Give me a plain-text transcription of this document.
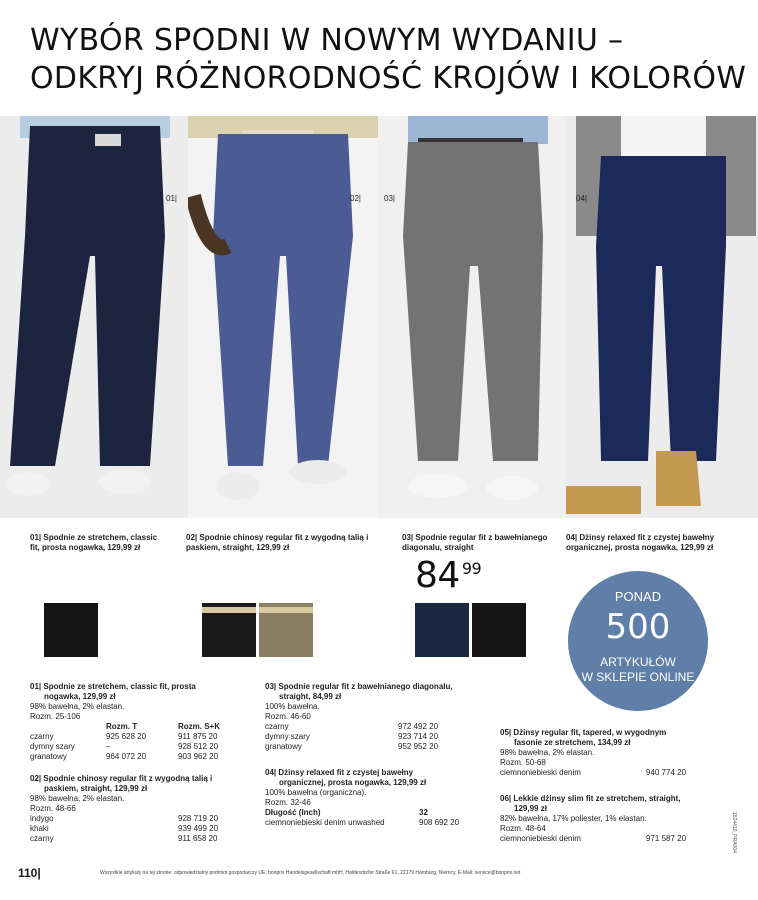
WYBÓR SPODNI W NOWYM WYDANIU –
ODKRYJ RÓŻNORODNOŚĆ KROJÓW I KOLORÓW
01|	02|	03|	04|
01| Spodnie ze stretchem, classic fit, prosta nogawka, 129,99 zł
02| Spodnie chinosy regular fit z wygodną talią i paskiem, straight, 129,99 zł
03| Spodnie regular fit z bawełnianego diagonalu, straight
04| Dżinsy relaxed fit z czystej bawełny organicznej, prosta nogawka, 129,99 zł
84 $^{99}$
PONAD
500
ARTYKUŁÓW
W SKLEPIE ONLINE
01| Spodnie ze stretchem, classic fit, prosta
nogawka, 129,99 zł
98% bawełna, 2% elastan.
Rozm. 25-106
Rozm. T	Rozm. S+K
czarny	925 628 20	911 875 20
dymny szary	–	928 512 20
granatowy	964 072 20	903 962 20
02| Spodnie chinosy regular fit z wygodną talią i
paskiem, straight, 129,99 zł
98% bawełna, 2% elastan.
Rozm. 48-66
indygo	928 719 20
khaki	939 499 20
czarny	911 658 20
03| Spodnie regular fit z bawełnianego diagonalu,
straight, 84,99 zł
100% bawełna.
Rozm. 46-60
czarny	972 492 20
dymny szary	923 714 20
granatowy	952 952 20
04| Dżinsy relaxed fit z czystej bawełny
organicznej, prosta nogawka, 129,99 zł
100% bawełna (organiczna).
Rozm. 32-46
Długość (Inch)	32
ciemnoniebieski denim unwashed	908 692 20
05| Dżinsy regular fit, tapered, w wygodnym
fasonie ze stretchem, 134,99 zł
98% bawełna, 2% elastan.
Rozm. 50-68
ciemnoniebieski denim	940 774 20
06| Lekkie dżinsy slim fit ze stretchem, straight,
129,99 zł
82% bawełna, 17% poliester, 1% elastan.
Rozm. 48-64
ciemnoniebieski denim	971 587 20
110|	Wszystkie artykuły na tej stronie: odpowiedzialny podmiot gospodarczy UE: bonprix Handelsgesellschaft mbH, Haldesdorfer Straße 61, 22179 Hamburg, Niemcy, E-Mail: service@bonprix.net
1524410_PRA004
